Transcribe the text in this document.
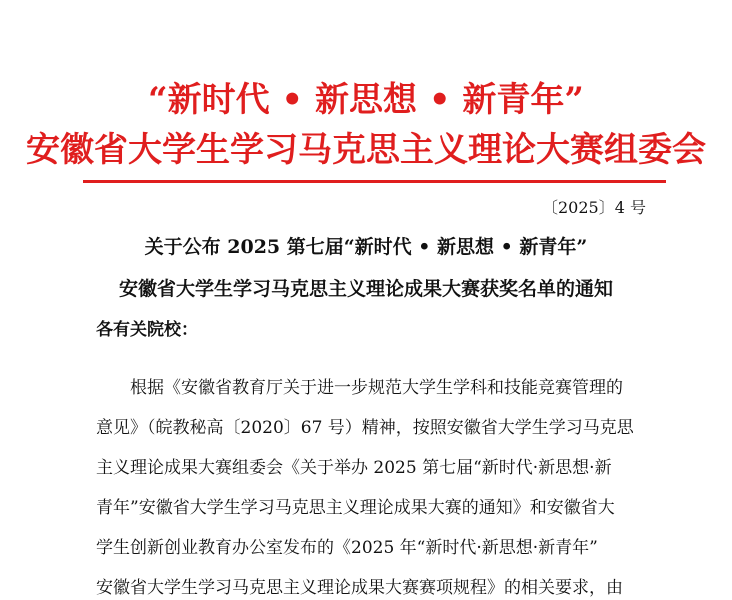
“新时代 • 新思想 • 新青年”
安徽省大学生学习马克思主义理论大赛组委会
〔2025〕4 号
关于公布 2025 第七届“新时代 • 新思想 • 新青年”
安徽省大学生学习马克思主义理论成果大赛获奖名单的通知
各有关院校：
根据《安徽省教育厅关于进一步规范大学生学科和技能竞赛管理的
意见》（皖教秘高〔2020〕67 号）精神，按照安徽省大学生学习马克思
主义理论成果大赛组委会《关于举办 2025 第七届“新时代·新思想·新
青年”安徽省大学生学习马克思主义理论成果大赛的通知》和安徽省大
学生创新创业教育办公室发布的《2025 年“新时代·新思想·新青年”
安徽省大学生学习马克思主义理论成果大赛赛项规程》的相关要求，由
